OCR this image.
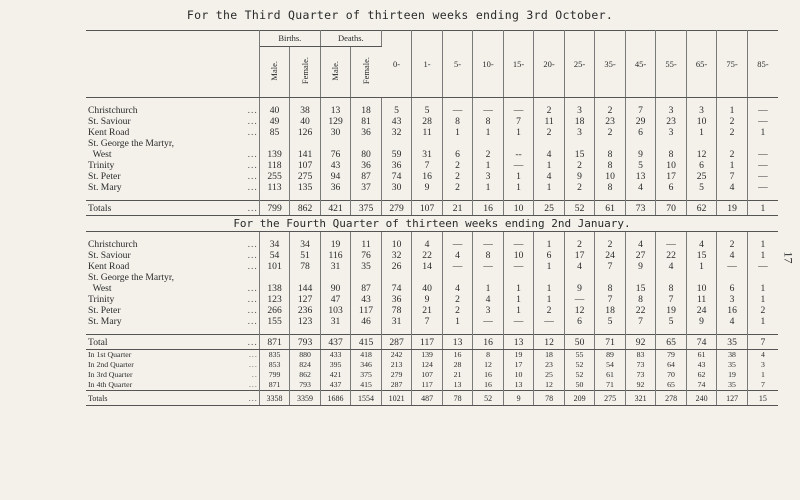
For the Third Quarter of thirteen weeks ending 3rd October.
17
	Births.		Deaths.		0-	1-	5-	10-	15-	20-	25-	35-	45-	55-	65-	75-	85-
	Male.	Female.	Male.	Female.													

Christchurch ...	40	38	13	18	5	5	—	—	—	2	3	2	7	3	3	1	—

St. Saviour ...	49	40	129	81	43	28	8	8	7	11	18	23	29	23	10	2	—

Kent Road ...	85	126	30	36	32	11	1	1	1	2	3	2	6	3	1	2	1

St. George the Martyr,																	

West ...	139	141	76	80	59	31	6	2	--	4	15	8	9	8	12	2	—

Trinity ...	118	107	43	36	36	7	2	1	—	1	2	8	5	10	6	1	—

St. Peter ...	255	275	94	87	74	16	2	3	1	4	9	10	13	17	25	7	—

St. Mary ...	113	135	36	37	30	9	2	1	1	1	2	8	4	6	5	4	—

Totals ...	799	862	421	375	279	107	21	16	10	25	52	61	73	70	62	19	1
For the Fourth Quarter of thirteen weeks ending 2nd January.																	

Christchurch ...	34	34	19	11	10	4	—	—	—	1	2	2	4	—	4	2	1

St. Saviour ...	54	51	116	76	32	22	4	8	10	6	17	24	27	22	15	4	1

Kent Road ...	101	78	31	35	26	14	—	—	—	1	4	7	9	4	1	—	—

St. George the Martyr,																	

West ...	138	144	90	87	74	40	4	1	1	1	9	8	15	8	10	6	1

Trinity ...	123	127	47	43	36	9	2	4	1	1	—	7	8	7	11	3	1

St. Peter ...	266	236	103	117	78	21	2	3	1	2	12	18	22	19	24	16	2

St. Mary ...	155	123	31	46	31	7	1	—	—	—	6	5	7	5	9	4	1

Total ...	871	793	437	415	287	117	13	16	13	12	50	71	92	65	74	35	7

In 1st Quarter ...	835	880	433	418	242	139	16	8	19	18	55	89	83	79	61	38	4

In 2nd Quarter ...	853	824	395	346	213	124	28	12	17	23	52	54	73	64	43	35	3

In 3rd Quarter ..	799	862	421	375	279	107	21	16	10	25	52	61	73	70	62	19	1

In 4th Quarter ...	871	793	437	415	287	117	13	16	13	12	50	71	92	65	74	35	7

Totals ...	3358	3359	1686	1554	1021	487	78	52	9	78	209	275	321	278	240	127	15
